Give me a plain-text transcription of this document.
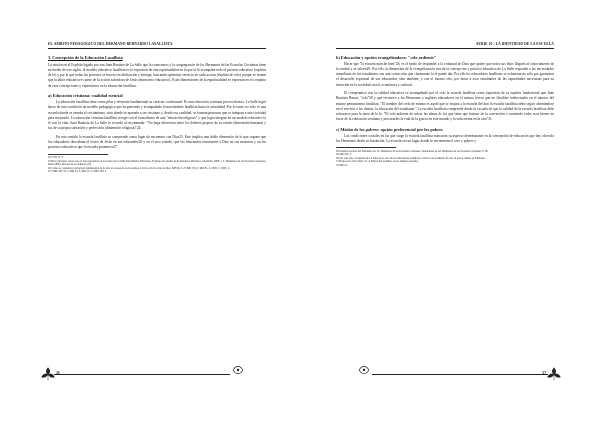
EL ÁMBITO PEDAGÓGICO DEL HERMANO BERNARDO LASALLISTA
3. Concepción de la Educación Lasallista

La misión en el Espíritu legado por san Juan Bautista de La Salle que la conocemos y la congregación de los Hermanos de las Escuelas Cristianas tiene en medio de tres siglos, el modelo educativo lasallista es la expresión de una espiritualidad en la que la fe acompaña todo el proceso educativo (espíritu de fe) y por la que todas los procesos se hacen con dedicación y entrega, buscando optimizar servicio en cada acción (espíritu de celo) porque se asume que la labor educativa es parte de la acción salvadora de Jesús (ministerio educativo). Estas dimensiones de la espiritualidad se expresan en el conjunto de esas concepciones y expresiones en la educación lasallista.

a) Educación cristiana: cualidad esencial

La educación lasallista tiene como pilar y referente fundamental su carácter confesional. Es una educación cristiana por excelencia. La Salle logró hacer de esta condición un modelo pedagógico que ha generado y acompañado el movimiento lasallista hasta la actualidad. Por lo tanto, no sólo es una escuela donde se enseña el cristianismo, sino donde se aprende a ser cristiano y, desde esa cualidad, se forman personas que se integran a una sociedad para mejorarla. La educación cristiana lasallista recoge con el formalismo de una "educación religiosa" y que logra integrar en un modelo educativo la fe con la vida. Juan Bautista de La Salle lo recordó al recomendar: "No haga diferencia entre los deberes propios de su estado (dimensión humana) y los de su propia salvación y perfección (dimensión religiosa)"24.

En este sentido la escuela lasallista se comprende como lugar de encuentro con Dios25. Este implica una doble dimensión de lo que supone que los educadores descubran el rostro de Jesús en sus educandos26 y en el otro sentido, que los educandos encuentren a Dios en sus maestros y en los procesos educativos que la escuela promueve27.

24 CTH 53, 8.

25 Hay principios sobre esto en una exposición en la revista de La Salle Movimiento Ediciones. El grupo de estudio de Formadores Marianos, Chorrillos 2008. J. L. Hermanos de las Escuelas Cristianas, Roma 2004. Revista de la tradición (27).

26 Como se considera el principio fundamental de la obra es reconocer en los pobres a Cristo vivo la obra de Dios. MF 96, 3. 27 MR 133, 2; MD 81, 2; 2005, 1; 2005, 2.

27 CMR. MF 32, 2; MR 23, 3; MR 35, 2; MFA 193, 2.

26
SERIE 10 : LA IDENTIDAD DE LA ESCUELA
b) Educación y opción evangelizadora: "celo ardiente"

Hacer que "la escuela marche bien"28, es el modo de responder a la voluntad de Dios que quiere que todos sus hijos lleguen al conocimiento de la verdad y se salven29. Por ello, la dimensión de la evangelización escrita la concepción y práctica educativa de La Salle responde a las necesidades inmediatas de los estudiantes con una convicción que claramente la fe puede dar. Por ello los educadores lasallistas se esfuerzan no sólo por garantizar el desarrollo espiritual de sus educandos, sino también, y con el mismo celo, por dotar a esos estudiantes de las capacidades necesarias para su inserción en la sociedad social, económica y cultural.

El compromiso con la calidad educativa va acompañado por el celo la escuela lasallista como expresión de su espíritu fundacional que Juan Bautista Barrai, "celo"30 y que reconoce a los Hermanos y seglares educadores en el mismo fervor que no flexibles intelectuales en el interior del mismo pensamiento lasallista: "El nombre del cielo de mismo es aquel que se inspira a la escuela del don la escuela lasallista debe seguir afirmándose en el servicio a los demás, la educación del estudiante." La escuela lasallista comprende desde la escuela de que la calidad de la escuela lasallista debe reforzarse para la tarea de la fe. "El celo ardiente de salvar las almas de los que tiene que instruir de la conversión o contenido todos esos bienes en favor de la educación cristiana y procurarles la vida de la gracia en este mundo y la vida eterna en la otra"31.

c) Misión de los pobres: opción preferencial por los pobres

Las condiciones sociales en las que surge la escuela lasallista marcaron su aspecto determinante en la concepción de educación que hay ofrecido los Hermanos desde su fundación. La escuela era un lugar donde se encuentran el cero y pobres y

28 Palabras escritas del Fundador en: CL Hermanos de las Escuelas Cristianas. Ordenanzas de los Hermanos de las Escuelas Cristianas 1718.

29 MR 193, 3.

30 Por otro lado, el espíritu de La Salle no es otro de los educadores lasallistas, el fervor de la misión. El celo al que se refiere el Fundador.

31 Hasta en la obra: Refl. 10, 4. Educación lasallista en los tiempos actuales.

32 MR 12.

27
